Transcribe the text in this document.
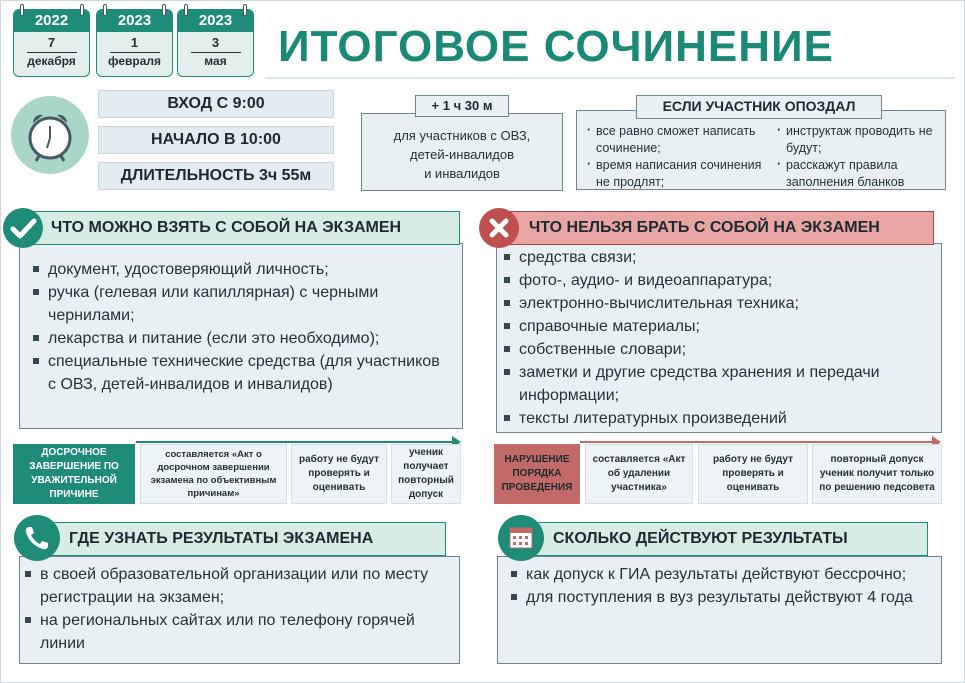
2022
7
декабря
2023
1
февраля
2023
3
мая	ИТОГОВОЕ СОЧИНЕНИЕ
ВХОД С 9:00
НАЧАЛО В 10:00
ДЛИТЕЛЬНОСТЬ 3ч 55м
для участников с ОВЗ,
детей-инвалидов
и инвалидов
+ 1 ч 30 м
· все равно сможет написать сочинение;
· время написания сочинения не продлят;
· инструктаж проводить не будут;
· расскажут правила заполнения бланков
ЕСЛИ УЧАСТНИК ОПОЗДАЛ
документ, удостоверяющий личность;
ручка (гелевая или капиллярная) с черными чернилами;
лекарства и питание (если это необходимо);
специальные технические средства (для участников с ОВЗ, детей-инвалидов и инвалидов)
ЧТО МОЖНО ВЗЯТЬ С СОБОЙ НА ЭКЗАМЕН
средства связи;
фото-, аудио- и видеоаппаратура;
электронно-вычислительная техника;
справочные материалы;
собственные словари;
заметки и другие средства хранения и передачи информации;
тексты литературных произведений
ЧТО НЕЛЬЗЯ БРАТЬ С СОБОЙ НА ЭКЗАМЕН
ДОСРОЧНОЕ ЗАВЕРШЕНИЕ ПО УВАЖИТЕЛЬНОЙ ПРИЧИНЕ
составляется «Акт о досрочном завершении экзамена по объективным причинам»
работу не будут проверять и оценивать
ученик получает повторный допуск
НАРУШЕНИЕ ПОРЯДКА ПРОВЕДЕНИЯ
составляется «Акт об удалении участника»
работу не будут проверять и оценивать
повторный допуск ученик получит только по решению педсовета
в своей образовательной организации или по месту регистрации на экзамен;
на региональных сайтах или по телефону горячей линии
ГДЕ УЗНАТЬ РЕЗУЛЬТАТЫ ЭКЗАМЕНА
как допуск к ГИА результаты действуют бессрочно;
для поступления в вуз результаты действуют 4 года
СКОЛЬКО ДЕЙСТВУЮТ РЕЗУЛЬТАТЫ
